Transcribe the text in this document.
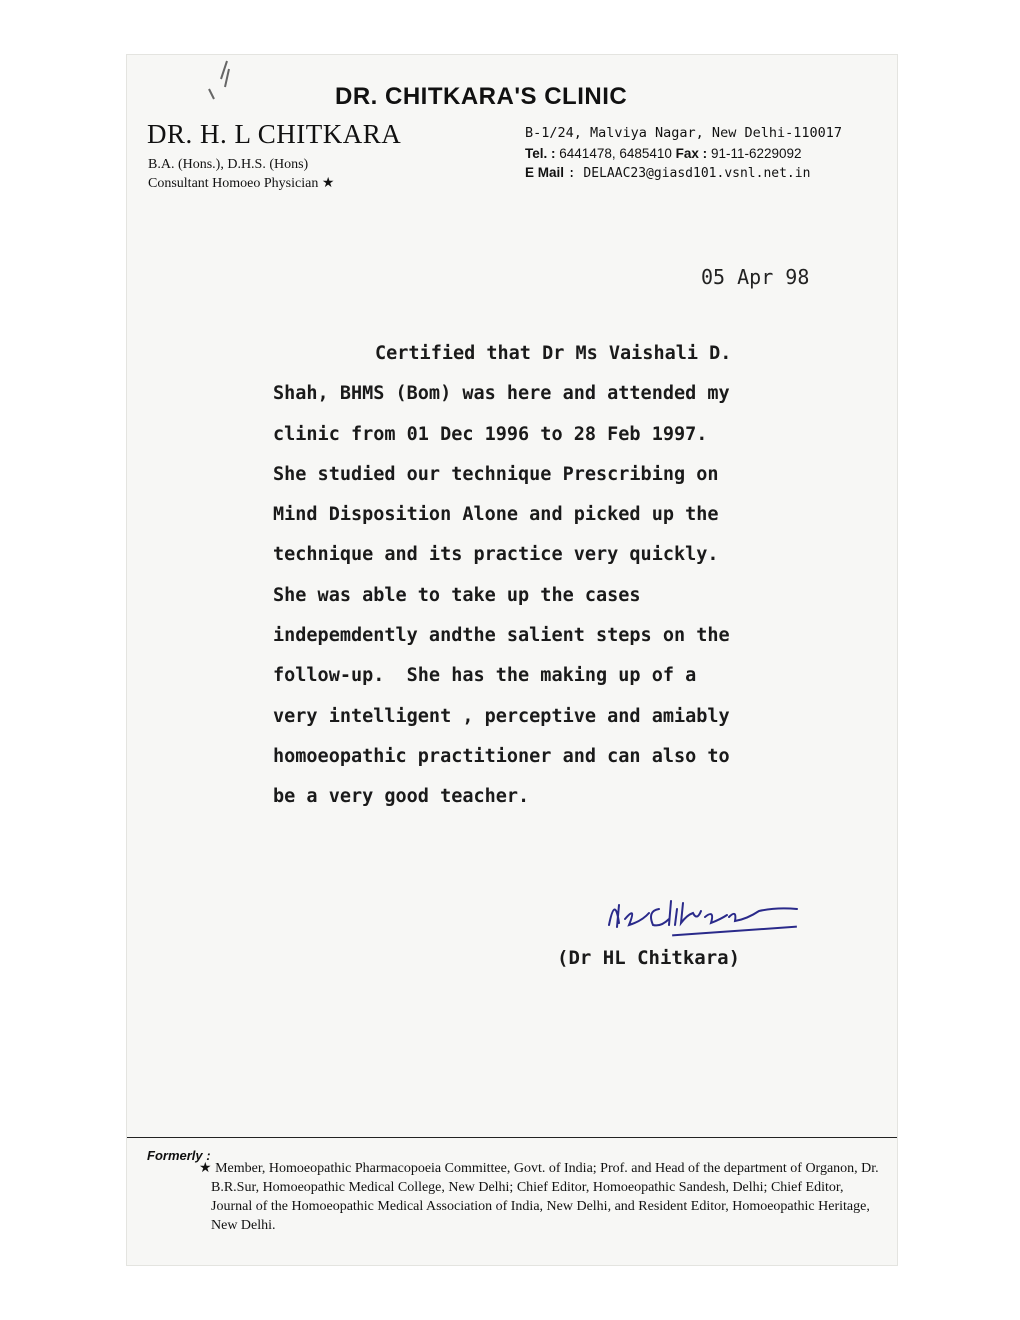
DR. CHITKARA'S CLINIC
DR. H. L CHITKARA
B.A. (Hons.), D.H.S. (Hons)
Consultant Homoeo Physician ★
B-1/24, Malviya Nagar, New Delhi-110017
Tel. : 6441478, 6485410 Fax : 91-11-6229092
E Mail : DELAAC23@giasd101.vsnl.net.in
05 Apr 98
Certified that Dr Ms Vaishali D.
Shah, BHMS (Bom) was here and attended my
clinic from 01 Dec 1996 to 28 Feb 1997.
She studied our technique Prescribing on
Mind Disposition Alone and picked up the
technique and its practice very quickly.
She was able to take up the cases
indepemdently andthe salient steps on the
follow-up.  She has the making up of a
very intelligent , perceptive and amiably
homoeopathic practitioner and can also to
be a very good teacher.
(Dr HL Chitkara)
Formerly :
★ Member, Homoeopathic Pharmacopoeia Committee, Govt. of India; Prof. and Head of the department of Organon, Dr. B.R.Sur, Homoeopathic Medical College, New Delhi; Chief Editor, Homoeopathic Sandesh, Delhi; Chief Editor, Journal of the Homoeopathic Medical Association of India, New Delhi, and Resident Editor, Homoeopathic Heritage, New Delhi.
